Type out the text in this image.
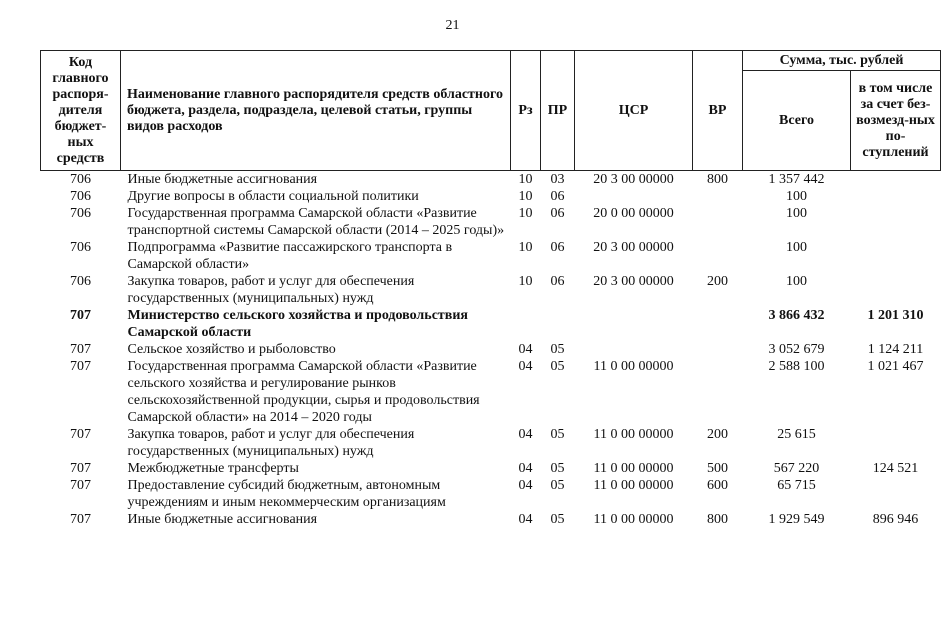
21
Код главного распоря-дителя бюджет-ных средств	Наименование главного распорядителя средств областного бюджета, раздела, подраздела, целевой статьи, группы видов расходов	Рз	ПР	ЦСР	ВР	Сумма, тыс. рублей	
						Всего	в том числе за счет без-возмезд-ных по-ступлений
706	Иные бюджетные ассигнования	10	03	20 3 00 00000	800	1 357 442	
706	Другие вопросы в области социальной политики	10	06			100	
706	Государственная программа Самарской области «Развитие транспортной системы Самарской области (2014 – 2025 годы)»	10	06	20 0 00 00000		100	
706	Подпрограмма «Развитие пассажирского транспорта в Самарской области»	10	06	20 3 00 00000		100	
706	Закупка товаров, работ и услуг для обеспечения государственных (муниципальных) нужд	10	06	20 3 00 00000	200	100	
707	Министерство сельского хозяйства и продовольствия Самарской области					3 866 432	1 201 310
707	Сельское хозяйство и рыболовство	04	05			3 052 679	1 124 211
707	Государственная программа Самарской области «Развитие сельского хозяйства и регулирование рынков сельскохозяйственной продукции, сырья и продовольствия Самарской области» на 2014 – 2020 годы	04	05	11 0 00 00000		2 588 100	1 021 467
707	Закупка товаров, работ и услуг для обеспечения государственных (муниципальных) нужд	04	05	11 0 00 00000	200	25 615	
707	Межбюджетные трансферты	04	05	11 0 00 00000	500	567 220	124 521
707	Предоставление субсидий бюджетным, автономным учреждениям и иным некоммерческим организациям	04	05	11 0 00 00000	600	65 715	
707	Иные бюджетные ассигнования	04	05	11 0 00 00000	800	1 929 549	896 946
